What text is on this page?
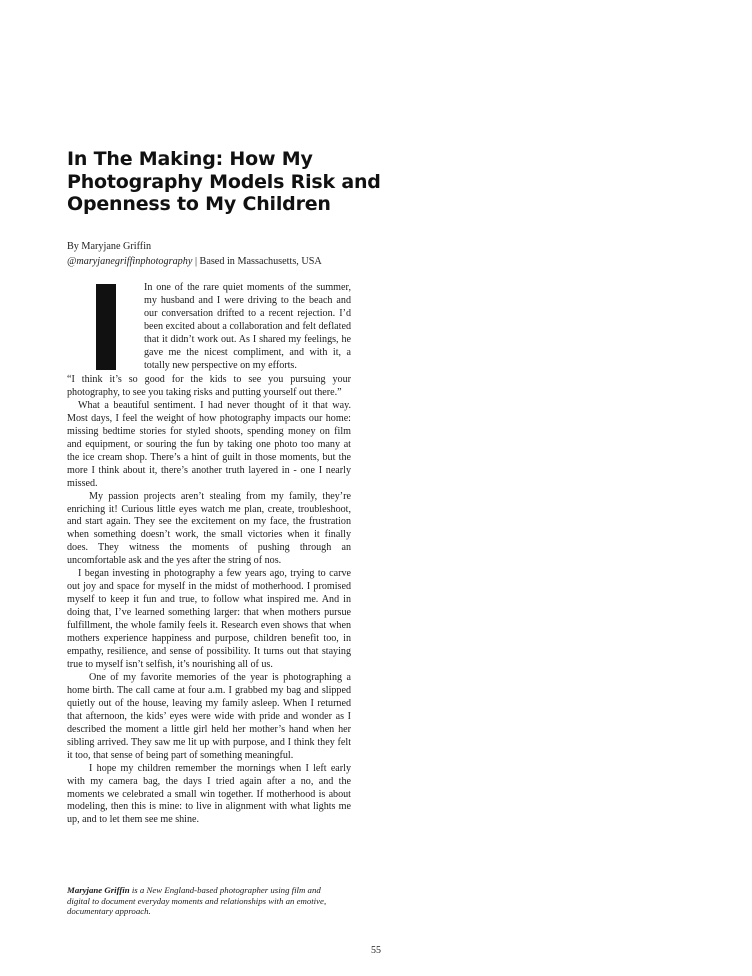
In The Making: How My Photography Models Risk and Openness to My Children
By Maryjane Griffin
@maryjanegriffinphotography | Based in Massachusetts, USA

In one of the rare quiet moments of the summer, my husband and I were driving to the beach and our conversation drifted to a recent rejection. I’d been excited about a collaboration and felt deflated that it didn’t work out. As I shared my feelings, he gave me the nicest compliment, and with it, a totally new perspective on my efforts.

“I think it’s so good for the kids to see you pursuing your photography, to see you taking risks and putting yourself out there.”

What a beautiful sentiment. I had never thought of it that way. Most days, I feel the weight of how photography impacts our home: missing bedtime stories for styled shoots, spending money on film and equipment, or souring the fun by taking one photo too many at the ice cream shop. There’s a hint of guilt in those moments, but the more I think about it, there’s another truth layered in - one I nearly missed.

My passion projects aren’t stealing from my family, they’re enriching it! Curious little eyes watch me plan, create, troubleshoot, and start again. They see the excitement on my face, the frustration when something doesn’t work, the small victories when it finally does. They witness the moments of pushing through an uncomfortable ask and the yes after the string of nos.

I began investing in photography a few years ago, trying to carve out joy and space for myself in the midst of motherhood. I promised myself to keep it fun and true, to follow what inspired me. And in doing that, I’ve learned something larger: that when mothers pursue fulfillment, the whole family feels it. Research even shows that when mothers experience happiness and purpose, children benefit too, in empathy, resilience, and sense of possibility. It turns out that staying true to myself isn’t selfish, it’s nourishing all of us.

One of my favorite memories of the year is photographing a home birth. The call came at four a.m. I grabbed my bag and slipped quietly out of the house, leaving my family asleep. When I returned that afternoon, the kids’ eyes were wide with pride and wonder as I described the moment a little girl held her mother’s hand when her sibling arrived. They saw me lit up with purpose, and I think they felt it too, that sense of being part of something meaningful.

I hope my children remember the mornings when I left early with my camera bag, the days I tried again after a no, and the moments we celebrated a small win together. If motherhood is about modeling, then this is mine: to live in alignment with what lights me up, and to let them see me shine.

Maryjane Griffin is a New England-based photographer using film and digital to document everyday moments and relationships with an emotive, documentary approach.
55
